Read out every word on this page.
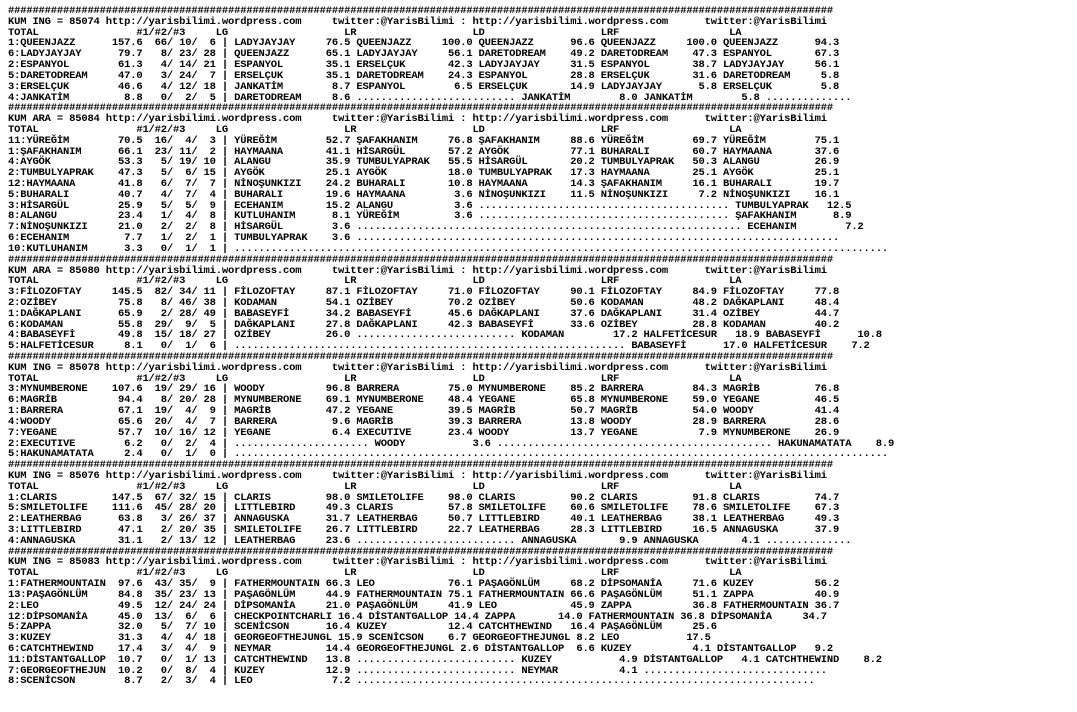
#######################################################################################################################################
KUM ING = 85074 http://yarisbilimi.wordpress.com     twitter:@YarisBilimi : http://yarisbilimi.wordpress.com      twitter:@YarisBilimi
TOTAL                #1/#2/#3     LG                   LR                   LD                   LRF                  LA
1:QUEENJAZZ      157.6  66/ 10/  6 | LADYJAYJAY     76.5 QUEENJAZZ     100.0 QUEENJAZZ      96.6 QUEENJAZZ     100.0 QUEENJAZZ      94.3
6:LADYJAYJAY      79.7   8/ 23/ 28 | QUEENJAZZ      65.1 LADYJAYJAY     56.1 DARETODREAM    49.2 DARETODREAM    47.3 ESPANYOL       67.3
2:ESPANYOL        61.3   4/ 14/ 21 | ESPANYOL       35.1 ERSELÇUK       42.3 LADYJAYJAY     31.5 ESPANYOL       38.7 LADYJAYJAY     56.1
5:DARETODREAM     47.0   3/ 24/  7 | ERSELÇUK       35.1 DARETODREAM    24.3 ESPANYOL       28.8 ERSELÇUK       31.6 DARETODREAM     5.8
3:ERSELÇUK        46.6   4/ 12/ 18 | JANKATİM        8.7 ESPANYOL        6.5 ERSELÇUK       14.9 LADYJAYJAY      5.8 ERSELÇUK        5.8
4:JANKATİM         8.8   0/  2/  5 | DARETODREAM     8.6 .......................... JANKATİM        8.0 JANKATİM        5.8 ..............
#######################################################################################################################################
KUM ARA = 85084 http://yarisbilimi.wordpress.com     twitter:@YarisBilimi : http://yarisbilimi.wordpress.com      twitter:@YarisBilimi
TOTAL                #1/#2/#3     LG                   LR                   LD                   LRF                  LA
11:YÜREĞİM        70.5  16/  4/  3 | YÜREĞİM        52.7 ŞAFAKHANIM     76.8 ŞAFAKHANIM     88.6 YÜREĞİM        69.7 YÜREĞİM        75.1
1:ŞAFAKHANIM      66.1  23/ 11/  2 | HAYMAANA       41.1 HİSARGÜL       57.2 AYGÖK          77.1 BUHARALI       60.7 HAYMAANA       37.6
4:AYGÖK           53.3   5/ 19/ 10 | ALANGU         35.9 TUMBULYAPRAK   55.5 HİSARGÜL       20.2 TUMBULYAPRAK   50.3 ALANGU         26.9
2:TUMBULYAPRAK    47.3   5/  6/ 15 | AYGÖK          25.1 AYGÖK          18.0 TUMBULYAPRAK   17.3 HAYMAANA       25.1 AYGÖK          25.1
12:HAYMAANA       41.8   6/  7/  7 | NİNOŞUNKIZI    24.2 BUHARALI       10.8 HAYMAANA       14.3 ŞAFAKHANIM     16.1 BUHARALI       19.7
5:BUHARALI        40.7   4/  7/  4 | BUHARALI       19.6 HAYMAANA        3.6 NİNOŞUNKIZI    11.5 NİNOŞUNKIZI     7.2 NİNOŞUNKIZI    16.1
3:HİSARGÜL        25.9   5/  5/  9 | ECEHANIM       15.2 ALANGU          3.6 ......................................... TUMBULYAPRAK   12.5
8:ALANGU          23.4   1/  4/  8 | KUTLUHANIM      8.1 YÜREĞİM         3.6 ......................................... ŞAFAKHANIM      8.9
7:NİNOŞUNKIZI     21.0   2/  2/  8 | HİSARGÜL        3.6 ............................................................... ECEHANIM        7.2
6:ECEHANIM         7.7   1/  2/  1 | TUMBULYAPRAK    3.6 ...............................................................................
10:KUTLUHANIM      3.3   0/  1/  1 | ...........................................................................................................
#######################################################################################################################################
KUM ARA = 85080 http://yarisbilimi.wordpress.com     twitter:@YarisBilimi : http://yarisbilimi.wordpress.com      twitter:@YarisBilimi
TOTAL                #1/#2/#3     LG                   LR                   LD                   LRF                  LA
3:FİLOZOFTAY     145.5  82/ 34/ 11 | FİLOZOFTAY     87.1 FİLOZOFTAY     71.0 FİLOZOFTAY     90.1 FİLOZOFTAY     84.9 FİLOZOFTAY     77.8
2:OZİBEY          75.8   8/ 46/ 38 | KODAMAN        54.1 OZİBEY         70.2 OZİBEY         50.6 KODAMAN        48.2 DAĞKAPLANI     48.4
1:DAĞKAPLANI      65.9   2/ 28/ 49 | BABASEYFİ      34.2 BABASEYFİ      45.6 DAĞKAPLANI     37.6 DAĞKAPLANI     31.4 OZİBEY         44.7
6:KODAMAN         55.8  29/  9/  5 | DAĞKAPLANI     27.8 DAĞKAPLANI     42.3 BABASEYFİ      33.6 OZİBEY         28.8 KODAMAN        40.2
4:BABASEYFİ       49.8  15/ 18/ 27 | OZİBEY         26.0 .......................... KODAMAN        17.2 HALFETİCESUR   18.9 BABASEYFİ      10.8
5:HALFETİCESUR     8.1   0/  1/  6 | ................................................................ BABASEYFİ      17.0 HALFETİCESUR    7.2
#######################################################################################################################################
KUM ING = 85078 http://yarisbilimi.wordpress.com     twitter:@YarisBilimi : http://yarisbilimi.wordpress.com      twitter:@YarisBilimi
TOTAL                #1/#2/#3     LG                   LR                   LD                   LRF                  LA
3:MYNUMBERONE    107.6  19/ 29/ 16 | WOODY          96.8 BARRERA        75.0 MYNUMBERONE    85.2 BARRERA        84.3 MAGRİB         76.8
6:MAGRİB          94.4   8/ 20/ 28 | MYNUMBERONE    69.1 MYNUMBERONE    48.4 YEGANE         65.8 MYNUMBERONE    59.0 YEGANE         46.5
1:BARRERA         67.1  19/  4/  9 | MAGRİB         47.2 YEGANE         39.5 MAGRİB         50.7 MAGRİB         54.0 WOODY          41.4
4:WOODY           65.6  20/  4/  7 | BARRERA         9.6 MAGRİB         39.3 BARRERA        13.8 WOODY          28.9 BARRERA        28.6
7:YEGANE          57.7  10/ 16/ 12 | YEGANE          6.4 EXECUTIVE      23.4 WOODY          13.7 YEGANE          7.9 MYNUMBERONE    26.9
2:EXECUTIVE        6.2   0/  2/  4 | ...................... WOODY           3.6 ............................................. HAKUNAMATATA    8.9
5:HAKUNAMATATA     2.4   0/  1/  0 | ...........................................................................................................
#######################################################################################################################################
KUM ING = 85076 http://yarisbilimi.wordpress.com     twitter:@YarisBilimi : http://yarisbilimi.wordpress.com      twitter:@YarisBilimi
TOTAL                #1/#2/#3     LG                   LR                   LD                   LRF                  LA
1:CLARIS         147.5  67/ 32/ 15 | CLARIS         98.0 SMILETOLIFE    98.0 CLARIS         90.2 CLARIS         91.8 CLARIS         74.7
5:SMILETOLIFE    111.6  45/ 28/ 20 | LITTLEBIRD     49.3 CLARIS         57.8 SMILETOLIFE    60.6 SMILETOLIFE    78.6 SMILETOLIFE    67.3
2:LEATHERBAG      63.8   3/ 26/ 37 | ANNAGUSKA      31.7 LEATHERBAG     50.7 LITTLEBIRD     40.1 LEATHERBAG     38.1 LEATHERBAG     49.3
3:LITTLEBIRD      47.1   2/ 20/ 35 | SMILETOLIFE    26.7 LITTLEBIRD     22.7 LEATHERBAG     28.3 LITTLEBIRD     16.5 ANNAGUSKA      37.9
4:ANNAGUSKA       31.1   2/ 13/ 12 | LEATHERBAG     23.6 .......................... ANNAGUSKA       9.9 ANNAGUSKA       4.1 ..............
#######################################################################################################################################
KUM ING = 85083 http://yarisbilimi.wordpress.com     twitter:@YarisBilimi : http://yarisbilimi.wordpress.com      twitter:@YarisBilimi
TOTAL                #1/#2/#3     LG                   LR                   LD                   LRF                  LA
1:FATHERMOUNTAIN  97.6  43/ 35/  9 | FATHERMOUNTAIN 66.3 LEO            76.1 PAŞAGÖNLÜM     68.2 DİPSOMANİA     71.6 KUZEY          56.2
13:PAŞAGÖNLÜM     84.8  35/ 23/ 13 | PAŞAGÖNLÜM     44.9 FATHERMOUNTAIN 75.1 FATHERMOUNTAIN 66.6 PAŞAGÖNLÜM     51.1 ZAPPA          40.9
2:LEO             49.5  12/ 24/ 24 | DİPSOMANİA     21.0 PAŞAGÖNLÜM     41.9 LEO            45.9 ZAPPA          36.8 FATHERMOUNTAIN 36.7
12:DİPSOMANİA     45.0  13/  6/  6 | CHECKPOINTCHARLI 16.4 DİSTANTGALLOP 14.4 ZAPPA       14.0 FATHERMOUNTAIN 36.8 DİPSOMANİA     34.7
5:ZAPPA           32.0   5/  7/ 10 | SCENİCSON      16.4 KUZEY          12.4 CATCHTHEWIND   16.4 PAŞAGÖNLÜM     25.6
3:KUZEY           31.3   4/  4/ 18 | GEORGEOFTHEJUNGL 15.9 SCENİCSON    6.7 GEORGEOFTHEJUNGL 8.2 LEO           17.5
6:CATCHTHEWIND    17.4   3/  4/  9 | NEYMAR         14.4 GEORGEOFTHEJUNGL 2.6 DİSTANTGALLOP  6.6 KUZEY          4.1 DİSTANTGALLOP   9.2
11:DİSTANTGALLOP  10.7   0/  1/ 13 | CATCHTHEWIND   13.8 .......................... KUZEY           4.9 DİSTANTGALLOP   4.1 CATCHTHEWIND    8.2
7:GEORGEOFTHEJUN  10.2   0/  8/  4 | KUZEY          12.9 .......................... NEYMAR          4.1 ..............................
8:SCENİCSON        8.7   2/  3/  4 | LEO             7.2 ...........................................................................
